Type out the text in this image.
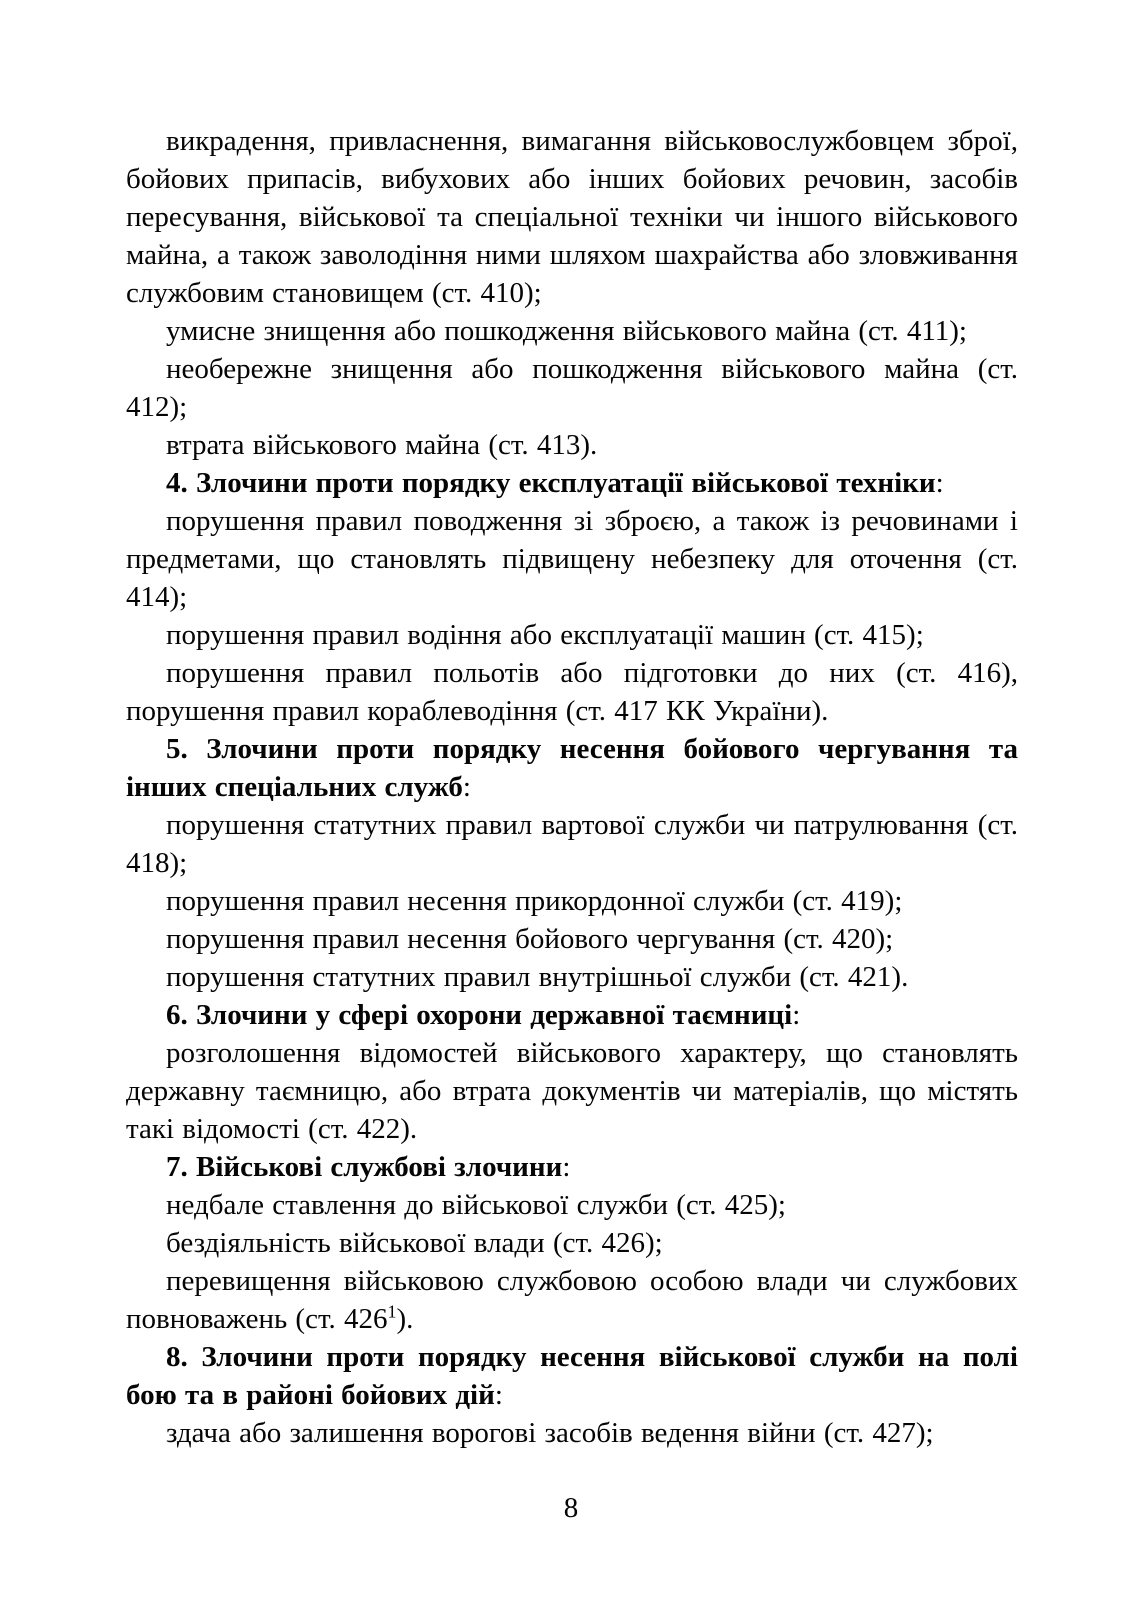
викрадення, привласнення, вимагання військовослужбовцем зброї, бойових припасів, вибухових або інших бойових речовин, засобів пересування, військової та спеціальної техніки чи іншого військового майна, а також заволодіння ними шляхом шахрайства або зловживання службовим становищем (ст. 410);

умисне знищення або пошкодження військового майна (ст. 411);

необережне знищення або пошкодження військового майна (ст. 412);

втрата військового майна (ст. 413).

4. Злочини проти порядку експлуатації військової техніки:

порушення правил поводження зі зброєю, а також із речовинами і предметами, що становлять підвищену небезпеку для оточення (ст. 414);

порушення правил водіння або експлуатації машин (ст. 415);

порушення правил польотів або підготовки до них (ст. 416), порушення правил кораблеводіння (ст. 417 КК України).

5. Злочини проти порядку несення бойового чергування та інших спеціальних служб:

порушення статутних правил вартової служби чи патрулювання (ст. 418);

порушення правил несення прикордонної служби (ст. 419);

порушення правил несення бойового чергування (ст. 420);

порушення статутних правил внутрішньої служби (ст. 421).

6. Злочини у сфері охорони державної таємниці:

розголошення відомостей військового характеру, що становлять державну таємницю, або втрата документів чи матеріалів, що містять такі відомості (ст. 422).

7. Військові службові злочини:

недбале ставлення до військової служби (ст. 425);

бездіяльність військової влади (ст. 426);

перевищення військовою службовою особою влади чи службових повноважень (ст. $426^1$).

8. Злочини проти порядку несення військової служби на полі бою та в районі бойових дій:

здача або залишення ворогові засобів ведення війни (ст. 427);

8
